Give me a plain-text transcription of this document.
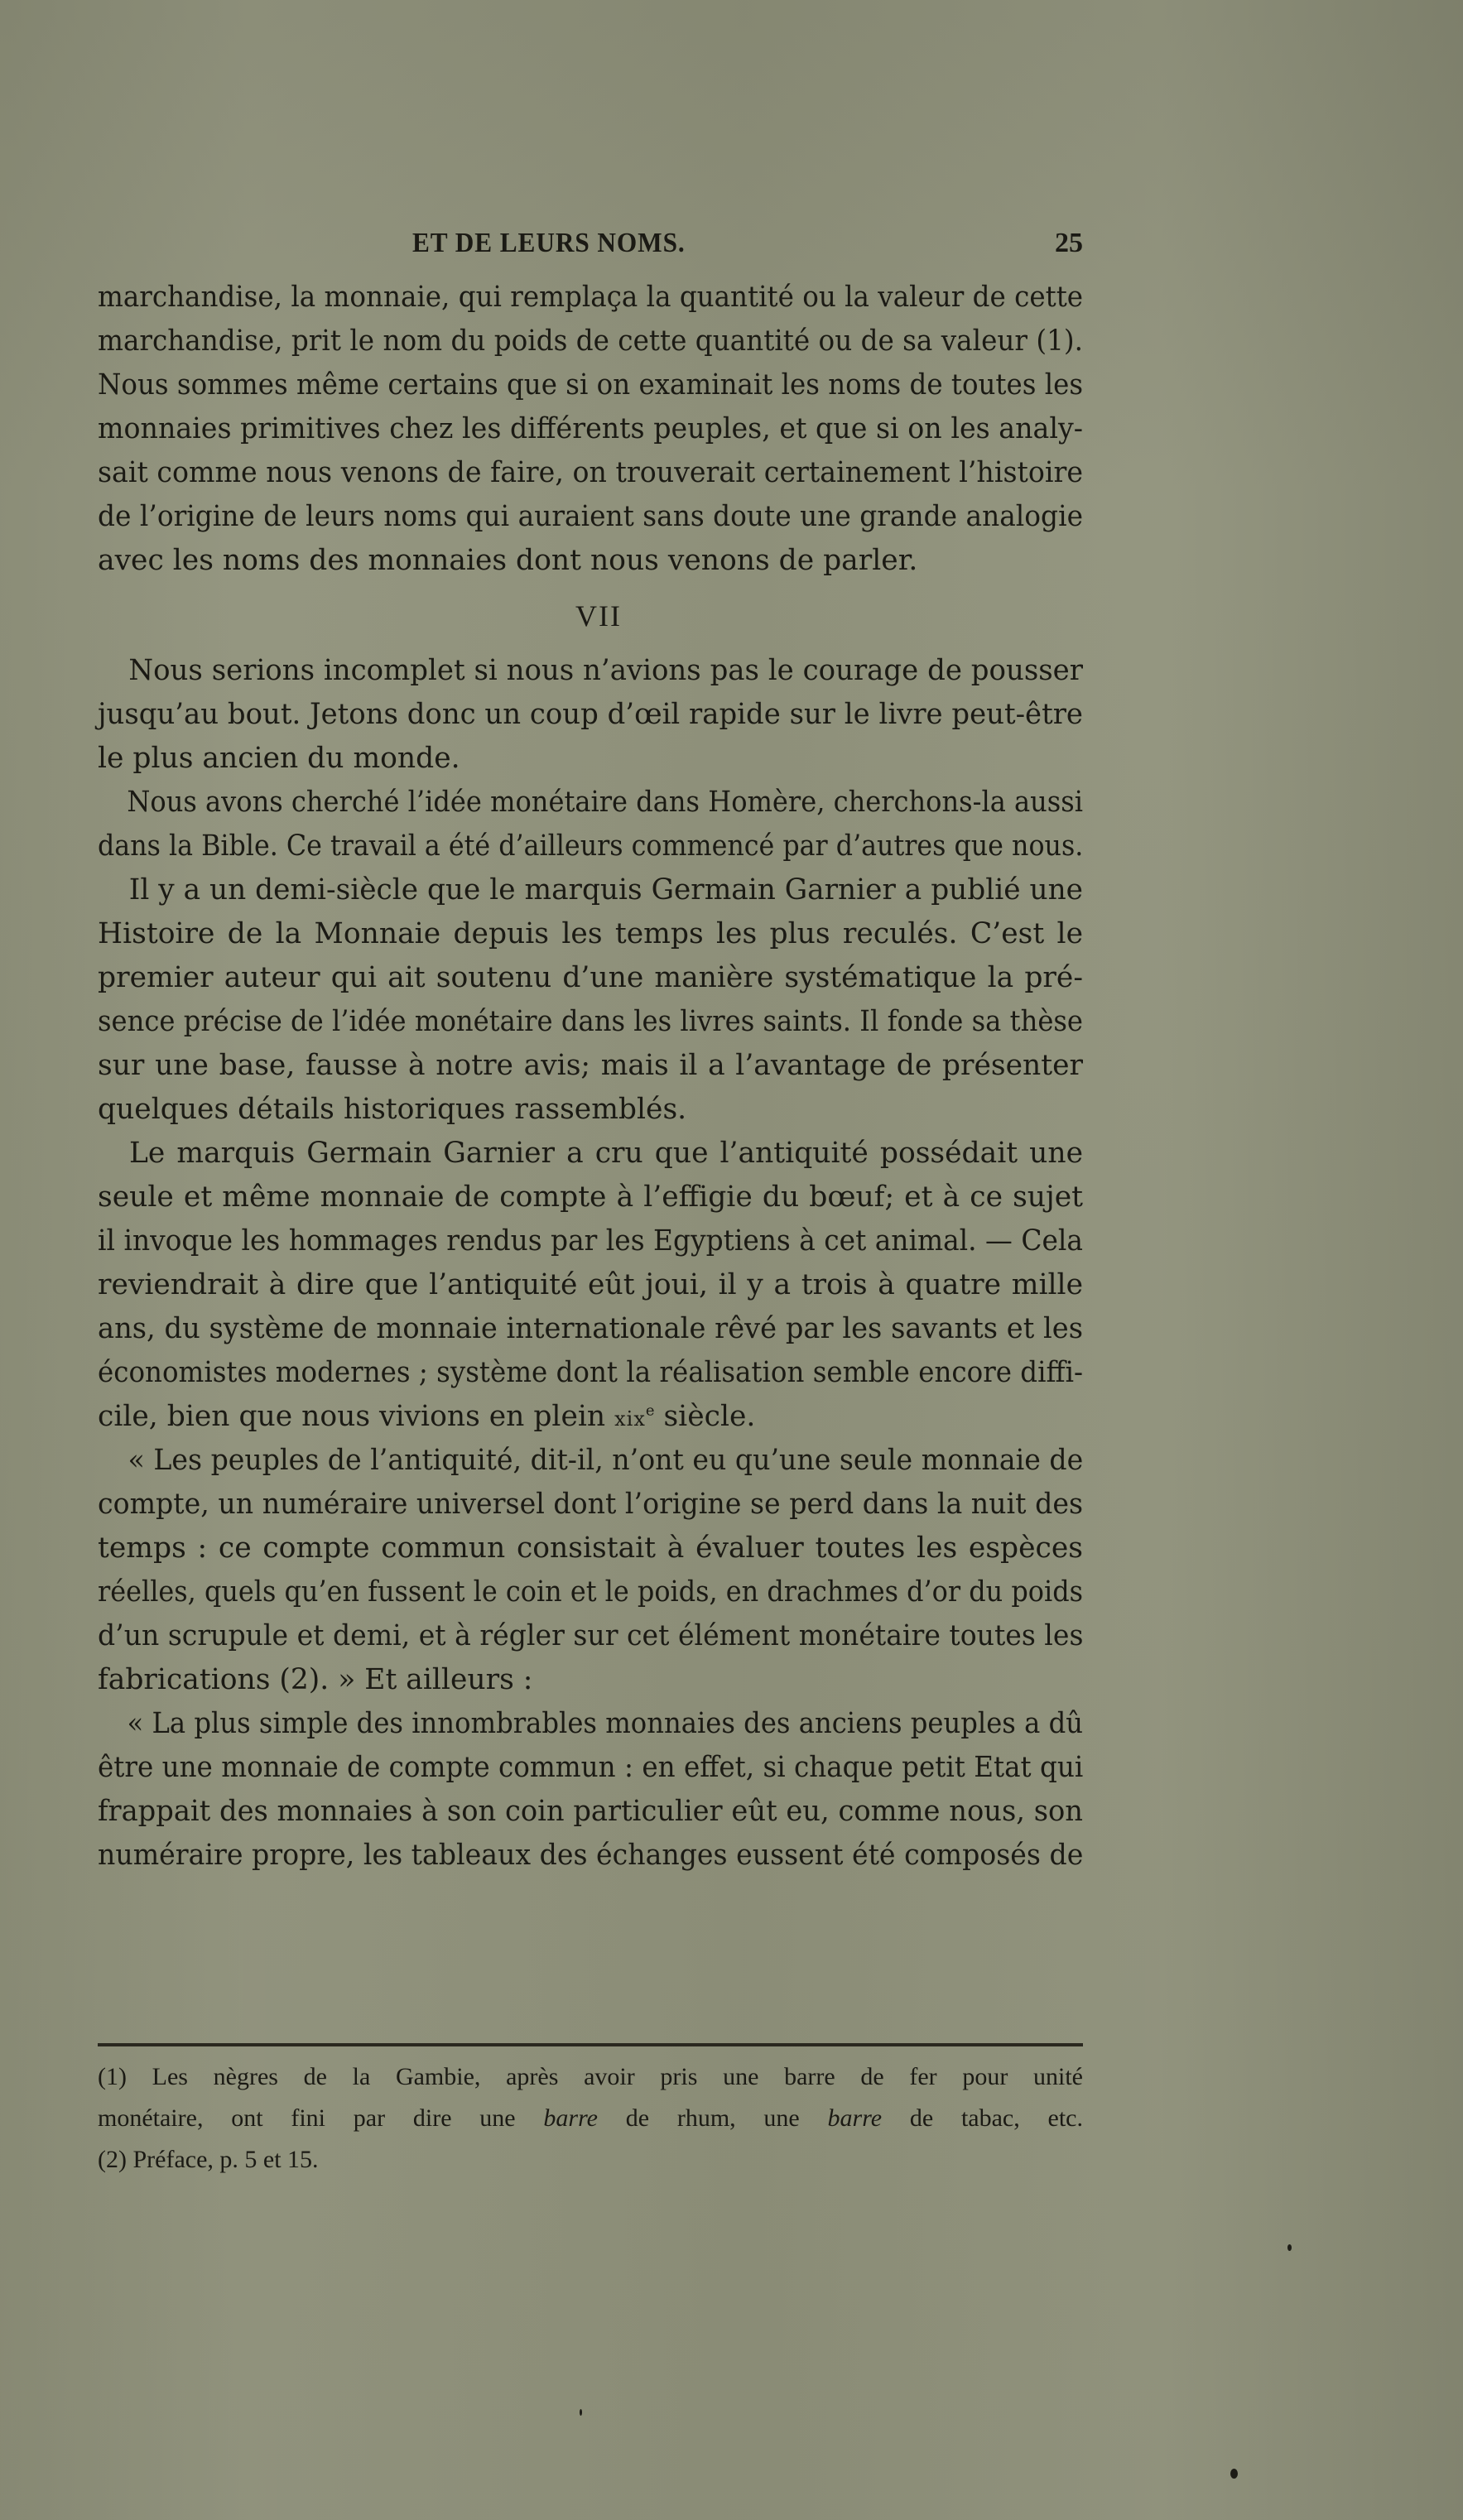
ET DE LEURS NOMS.	25
marchandise, la monnaie, qui remplaça la quantité ou la valeur de cette
marchandise, prit le nom du poids de cette quantité ou de sa valeur (1).
Nous sommes même certains que si on examinait les noms de toutes les
monnaies primitives chez les différents peuples, et que si on les analy-
sait comme nous venons de faire, on trouverait certainement l’histoire
de l’origine de leurs noms qui auraient sans doute une grande analogie
avec les noms des monnaies dont nous venons de parler.
VII
Nous serions incomplet si nous n’avions pas le courage de pousser
jusqu’au bout. Jetons donc un coup d’œil rapide sur le livre peut-être
le plus ancien du monde.
Nous avons cherché l’idée monétaire dans Homère, cherchons-la aussi
dans la Bible. Ce travail a été d’ailleurs commencé par d’autres que nous.
Il y a un demi-siècle que le marquis Germain Garnier a publié une
Histoire de la Monnaie depuis les temps les plus reculés. C’est le
premier auteur qui ait soutenu d’une manière systématique la pré-
sence précise de l’idée monétaire dans les livres saints. Il fonde sa thèse
sur une base, fausse à notre avis; mais il a l’avantage de présenter
quelques détails historiques rassemblés.
Le marquis Germain Garnier a cru que l’antiquité possédait une
seule et même monnaie de compte à l’effigie du bœuf; et à ce sujet
il invoque les hommages rendus par les Egyptiens à cet animal. — Cela
reviendrait à dire que l’antiquité eût joui, il y a trois à quatre mille
ans, du système de monnaie internationale rêvé par les savants et les
économistes modernes ; système dont la réalisation semble encore diffi-
cile, bien que nous vivions en plein xix$^e$ siècle.
« Les peuples de l’antiquité, dit-il, n’ont eu qu’une seule monnaie de
compte, un numéraire universel dont l’origine se perd dans la nuit des
temps : ce compte commun consistait à évaluer toutes les espèces
réelles, quels qu’en fussent le coin et le poids, en drachmes d’or du poids
d’un scrupule et demi, et à régler sur cet élément monétaire toutes les
fabrications (2). » Et ailleurs :
« La plus simple des innombrables monnaies des anciens peuples a dû
être une monnaie de compte commun : en effet, si chaque petit Etat qui
frappait des monnaies à son coin particulier eût eu, comme nous, son
numéraire propre, les tableaux des échanges eussent été composés de
(1) Les nègres de la Gambie, après avoir pris une barre de fer pour unité
monétaire, ont fini par dire une barre de rhum, une barre de tabac, etc.
(2) Préface, p. 5 et 15.
